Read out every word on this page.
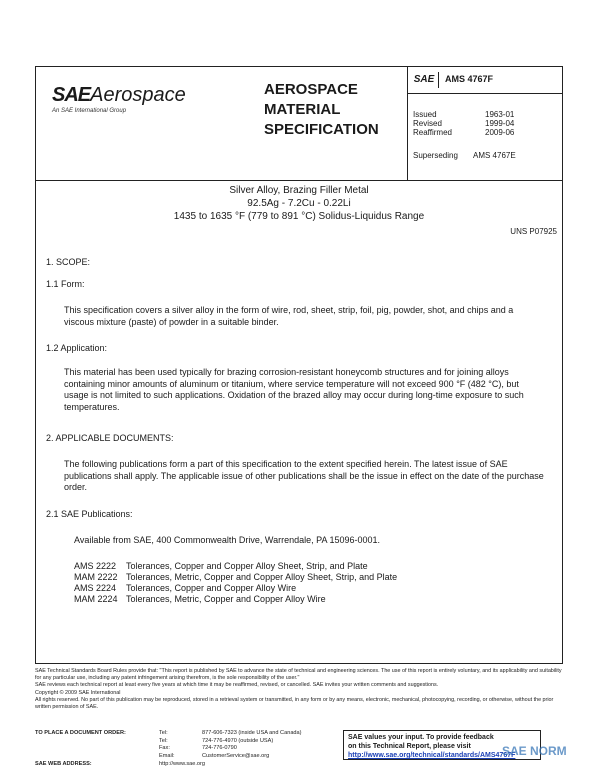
SAEAerospace
An SAE International Group
AEROSPACE
MATERIAL
SPECIFICATION
SAE	AMS 4767F
Issued	1963-01
Revised	1999-04
Reaffirmed	2009-06
Superseding	AMS 4767E
Silver Alloy, Brazing Filler Metal
92.5Ag - 7.2Cu - 0.22Li
1435 to 1635 °F (779 to 891 °C) Solidus-Liquidus Range
UNS P07925
1. SCOPE:
1.1 Form:
This specification covers a silver alloy in the form of wire, rod, sheet, strip, foil, pig, powder, shot, and chips and a viscous mixture (paste) of powder in a suitable binder.
1.2 Application:
This material has been used typically for brazing corrosion-resistant honeycomb structures and for joining alloys containing minor amounts of aluminum or titanium, where service temperature will not exceed 900 °F (482 °C), but usage is not limited to such applications. Oxidation of the brazed alloy may occur during long-time exposure to such temperatures.
2. APPLICABLE DOCUMENTS:
The following publications form a part of this specification to the extent specified herein. The latest issue of SAE publications shall apply. The applicable issue of other publications shall be the issue in effect on the date of the purchase order.
2.1 SAE Publications:
Available from SAE, 400 Commonwealth Drive, Warrendale, PA 15096-0001.
AMS 2222 Tolerances, Copper and Copper Alloy Sheet, Strip, and Plate
MAM 2222 Tolerances, Metric, Copper and Copper Alloy Sheet, Strip, and Plate
AMS 2224 Tolerances, Copper and Copper Alloy Wire
MAM 2224 Tolerances, Metric, Copper and Copper Alloy Wire

SAE Technical Standards Board Rules provide that: "This report is published by SAE to advance the state of technical and engineering sciences. The use of this report is entirely voluntary, and its applicability and suitability for any particular use, including any patent infringement arising therefrom, is the sole responsibility of the user."

SAE reviews each technical report at least every five years at which time it may be reaffirmed, revised, or cancelled. SAE invites your written comments and suggestions.

Copyright © 2009 SAE International

All rights reserved. No part of this publication may be reproduced, stored in a retrieval system or transmitted, in any form or by any means, electronic, mechanical, photocopying, recording, or otherwise, without the prior written permission of SAE.

TO PLACE A DOCUMENT ORDER:	Tel:	877-606-7323 (inside USA and Canada)
Tel:	724-776-4970 (outside USA)
Fax:	724-776-0790
Email:	CustomerService@sae.org
SAE WEB ADDRESS:	http://www.sae.org
SAE values your input. To provide feedback
on this Technical Report, please visit
http://www.sae.org/technical/standards/AMS4767F
SAE NORM
